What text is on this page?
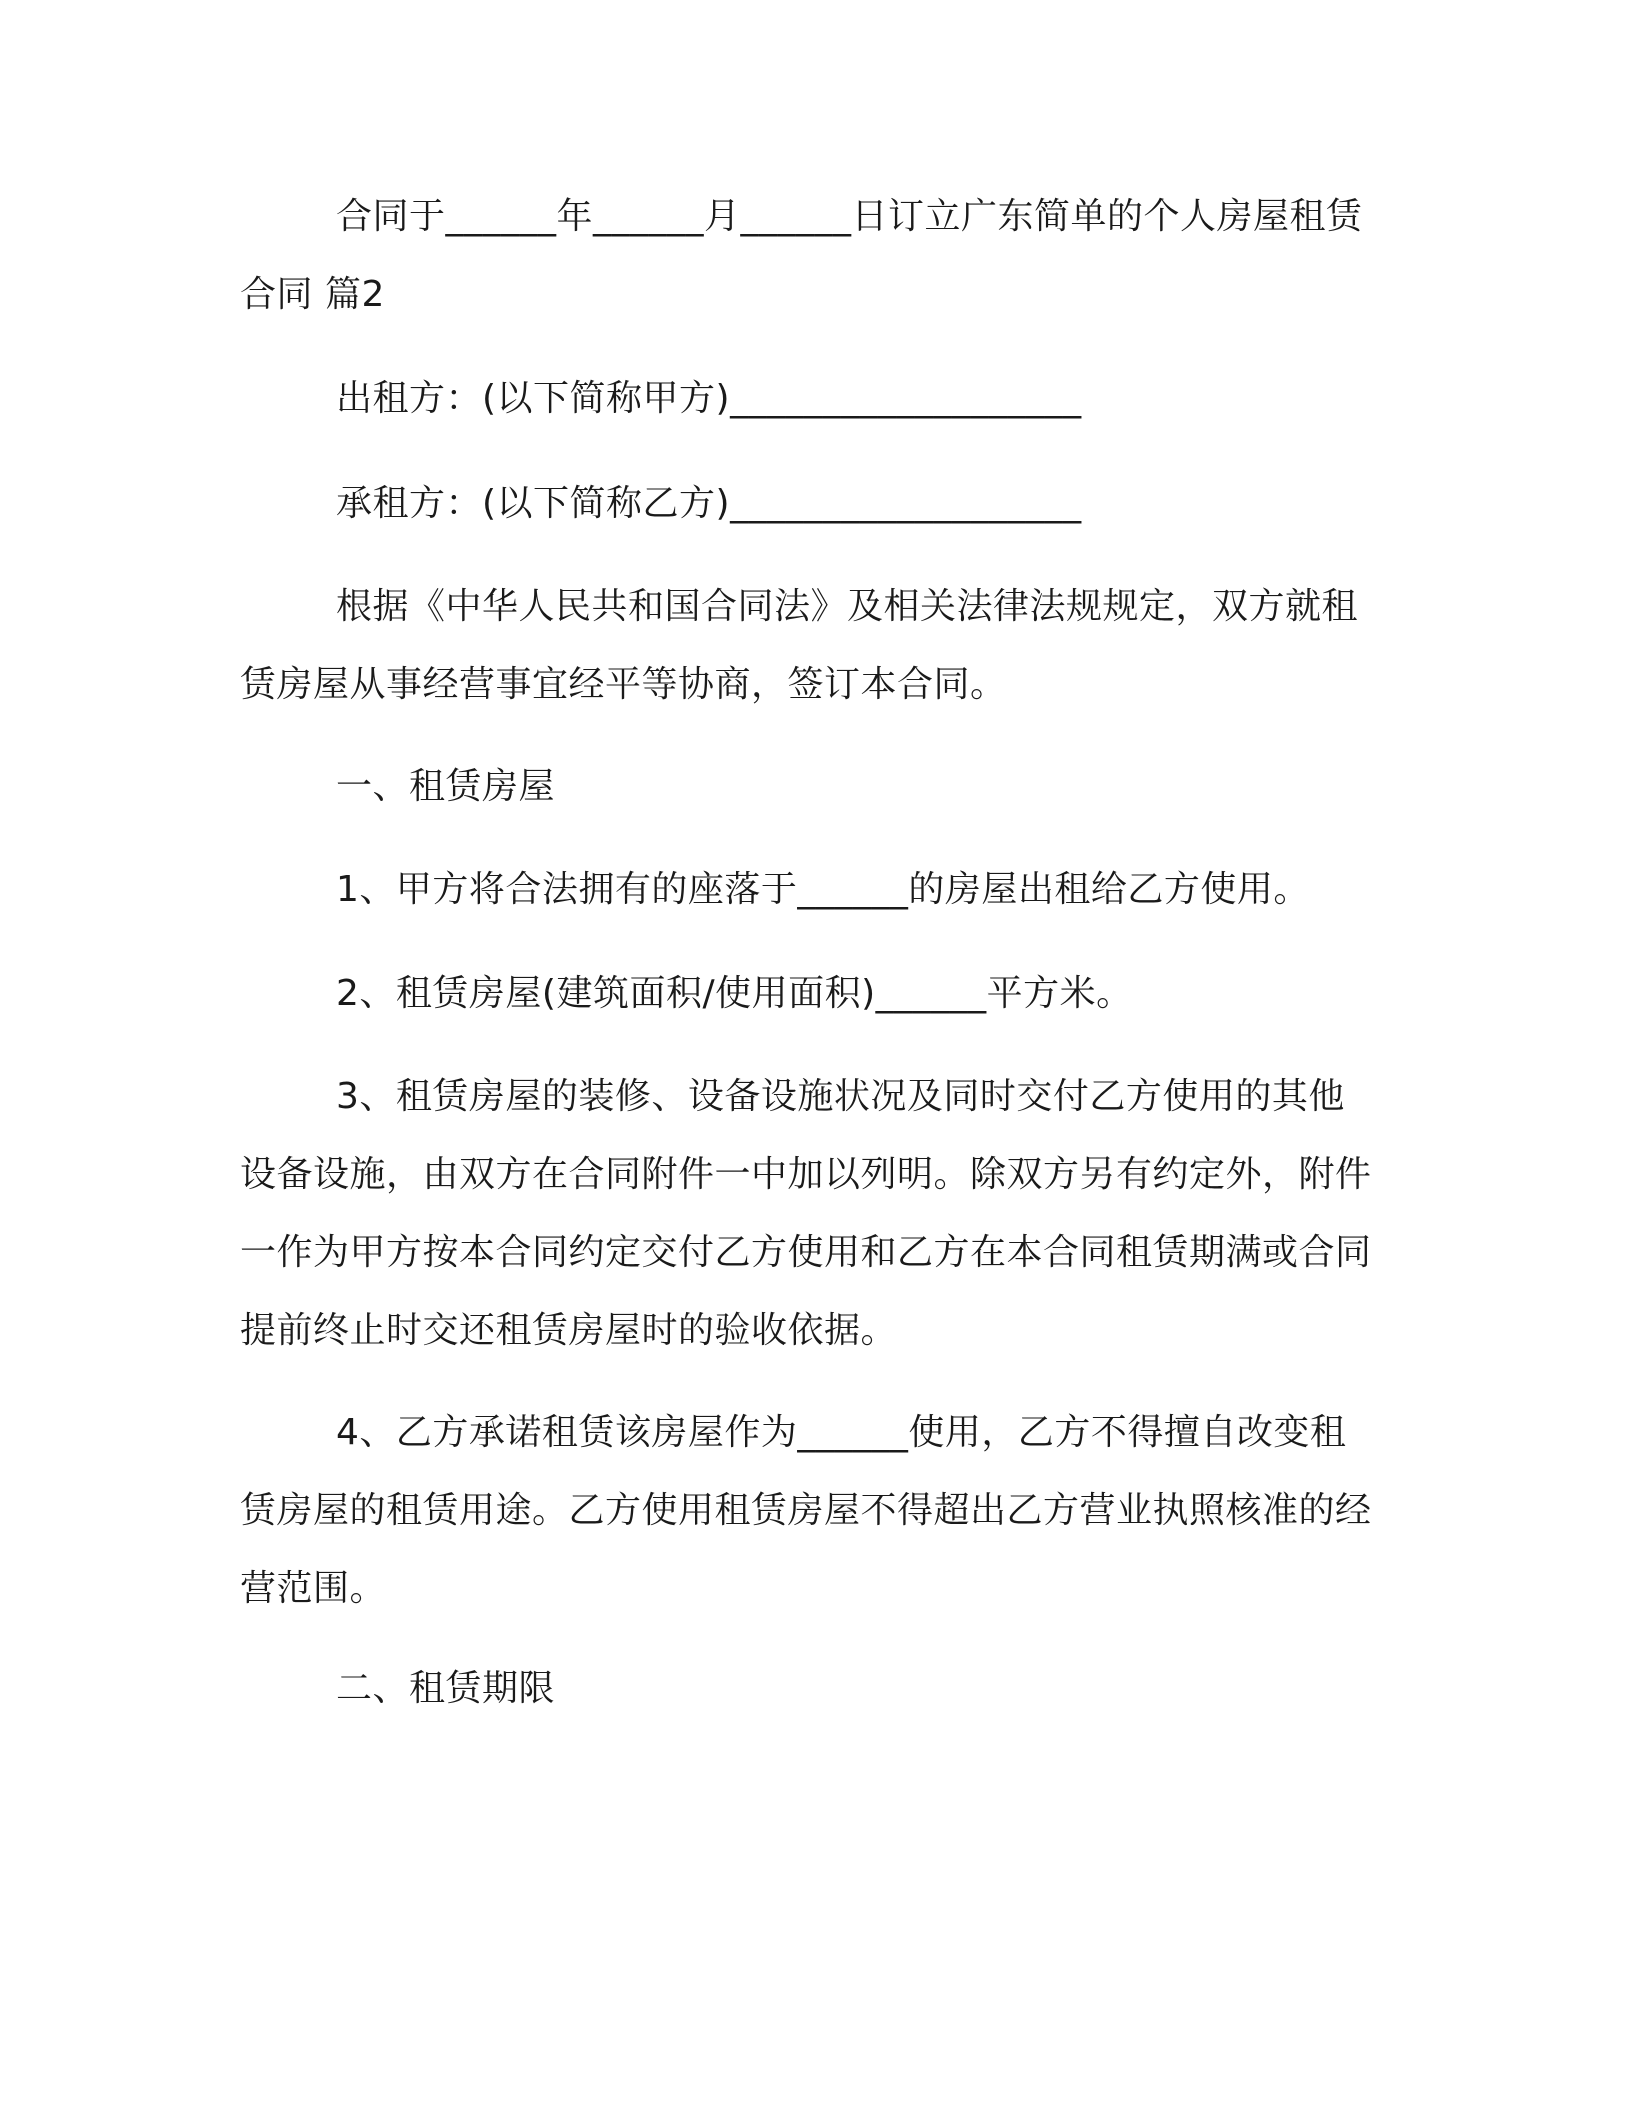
合同于______年______月______日订立广东简单的个人房屋租赁合同 篇2

出租方：(以下简称甲方)___________________

承租方：(以下简称乙方)___________________

根据《中华人民共和国合同法》及相关法律法规规定，双方就租赁房屋从事经营事宜经平等协商，签订本合同。

一、租赁房屋

1、甲方将合法拥有的座落于______的房屋出租给乙方使用。

2、租赁房屋(建筑面积/使用面积)______平方米。

3、租赁房屋的装修、设备设施状况及同时交付乙方使用的其他设备设施，由双方在合同附件一中加以列明。除双方另有约定外，附件一作为甲方按本合同约定交付乙方使用和乙方在本合同租赁期满或合同提前终止时交还租赁房屋时的验收依据。

4、乙方承诺租赁该房屋作为______使用，乙方不得擅自改变租赁房屋的租赁用途。乙方使用租赁房屋不得超出乙方营业执照核准的经营范围。

二、租赁期限
